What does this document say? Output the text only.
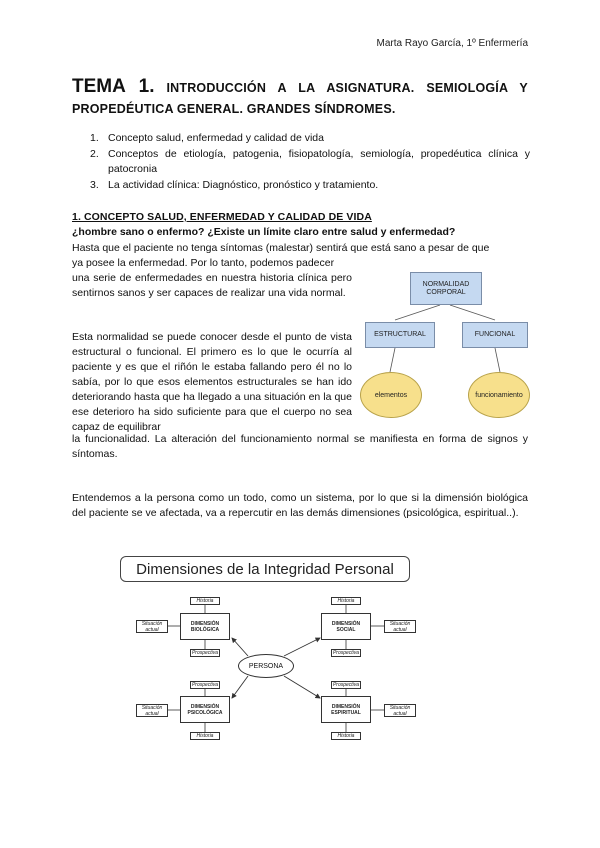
Marta Rayo García, 1º Enfermería
TEMA 1. INTRODUCCIÓN A LA ASIGNATURA. SEMIOLOGÍA Y PROPEDÉUTICA GENERAL. GRANDES SÍNDROMES.
1. Concepto salud, enfermedad y calidad de vida
2. Conceptos de etiología, patogenia, fisiopatología, semiología, propedéutica clínica y patocronia
3. La actividad clínica: Diagnóstico, pronóstico y tratamiento.
1. CONCEPTO SALUD, ENFERMEDAD Y CALIDAD DE VIDA
¿hombre sano o enfermo? ¿Existe un límite claro entre salud y enfermedad?
Hasta que el paciente no tenga síntomas (malestar) sentirá que está sano a pesar de que
ya posee la enfermedad. Por lo tanto, podemos padecer
una serie de enfermedades en nuestra historia clínica pero sentirnos sanos y ser capaces de realizar una vida normal.
Esta normalidad se puede conocer desde el punto de vista estructural o funcional. El primero es lo que le ocurría al paciente y es que el riñón le estaba fallando pero él no lo sabía, por lo que esos elementos estructurales se han ido deteriorando hasta que ha llegado a una situación en la que ese deterioro ha sido suficiente para que el cuerpo no sea capaz de equilibrar
la funcionalidad. La alteración del funcionamiento normal se manifiesta en forma de signos y síntomas.
Entendemos a la persona como un todo, como un sistema, por lo que si la dimensión biológica del paciente se ve afectada, va a repercutir en las demás dimensiones (psicológica, espiritual..).
NORMALIDAD CORPORAL
ESTRUCTURAL	FUNCIONAL
elementos	funcionamiento
Dimensiones de la Integridad Personal
Historia
DIMENSIÓN BIOLÓGICA
Prospectiva
Situación actual
Historia
DIMENSIÓN SOCIAL
Prospectiva
Situación actual
PERSONA
Prospectiva
DIMENSIÓN PSICOLÓGICA
Historia
Situación actual
Prospectiva
DIMENSIÓN ESPIRITUAL
Historia
Situación actual
